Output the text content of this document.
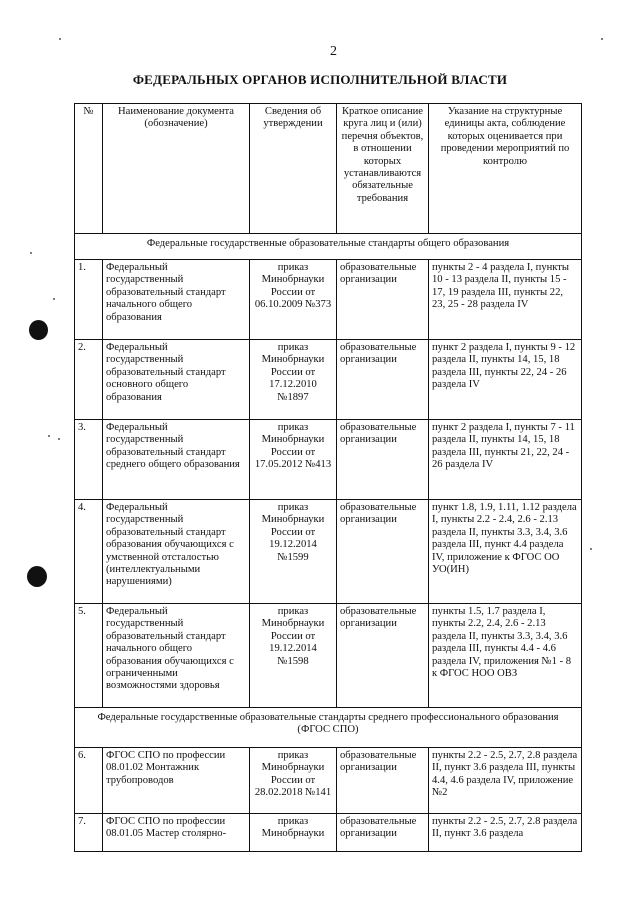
2
ФЕДЕРАЛЬНЫХ ОРГАНОВ ИСПОЛНИТЕЛЬНОЙ ВЛАСТИ
№	Наименование документа (обозначение)	Сведения об утверждении	Краткое описание круга лиц и (или) перечня объектов, в отношении которых устанавливаются обязательные требования	Указание на структурные единицы акта, соблюдение которых оценивается при проведении мероприятий по контролю
Федеральные государственные образовательные стандарты общего образования				
1.	Федеральный государственный образовательный стандарт начального общего образования	приказ Минобрнауки России от 06.10.2009 №373	образовательные организации	пункты 2 - 4 раздела I, пункты 10 - 13 раздела II, пункты 15 - 17, 19 раздела III, пункты 22, 23, 25 - 28 раздела IV
2.	Федеральный государственный образовательный стандарт основного общего образования	приказ Минобрнауки России от 17.12.2010 №1897	образовательные организации	пункт 2 раздела I, пункты 9 - 12 раздела II, пункты 14, 15, 18 раздела III, пункты 22, 24 - 26 раздела IV
3.	Федеральный государственный образовательный стандарт среднего общего образования	приказ Минобрнауки России от 17.05.2012 №413	образовательные организации	пункт 2 раздела I, пункты 7 - 11 раздела II, пункты 14, 15, 18 раздела III, пункты 21, 22, 24 - 26 раздела IV
4.	Федеральный государственный образовательный стандарт образования обучающихся с умственной отсталостью (интеллектуальными нарушениями)	приказ Минобрнауки России от 19.12.2014 №1599	образовательные организации	пункт 1.8, 1.9, 1.11, 1.12 раздела I, пункты 2.2 - 2.4, 2.6 - 2.13 раздела II, пункты 3.3, 3.4, 3.6 раздела III, пункт 4.4 раздела IV, приложение к ФГОС ОО УО(ИН)
5.	Федеральный государственный образовательный стандарт начального общего образования обучающихся с ограниченными возможностями здоровья	приказ Минобрнауки России от 19.12.2014 №1598	образовательные организации	пункты 1.5, 1.7 раздела I, пункты 2.2, 2.4, 2.6 - 2.13 раздела II, пункты 3.3, 3.4, 3.6 раздела III, пункты 4.4 - 4.6 раздела IV, приложения №1 - 8 к ФГОС НОО ОВЗ
Федеральные государственные образовательные стандарты среднего профессионального образования (ФГОС СПО)				
6.	ФГОС СПО по профессии 08.01.02 Монтажник трубопроводов	приказ Минобрнауки России от 28.02.2018 №141	образовательные организации	пункты 2.2 - 2.5, 2.7, 2.8 раздела II, пункт 3.6 раздела III, пункты 4.4, 4.6 раздела IV, приложение №2
7.	ФГОС СПО по профессии 08.01.05 Мастер столярно-	приказ Минобрнауки	образовательные организации	пункты 2.2 - 2.5, 2.7, 2.8 раздела II, пункт 3.6 раздела
